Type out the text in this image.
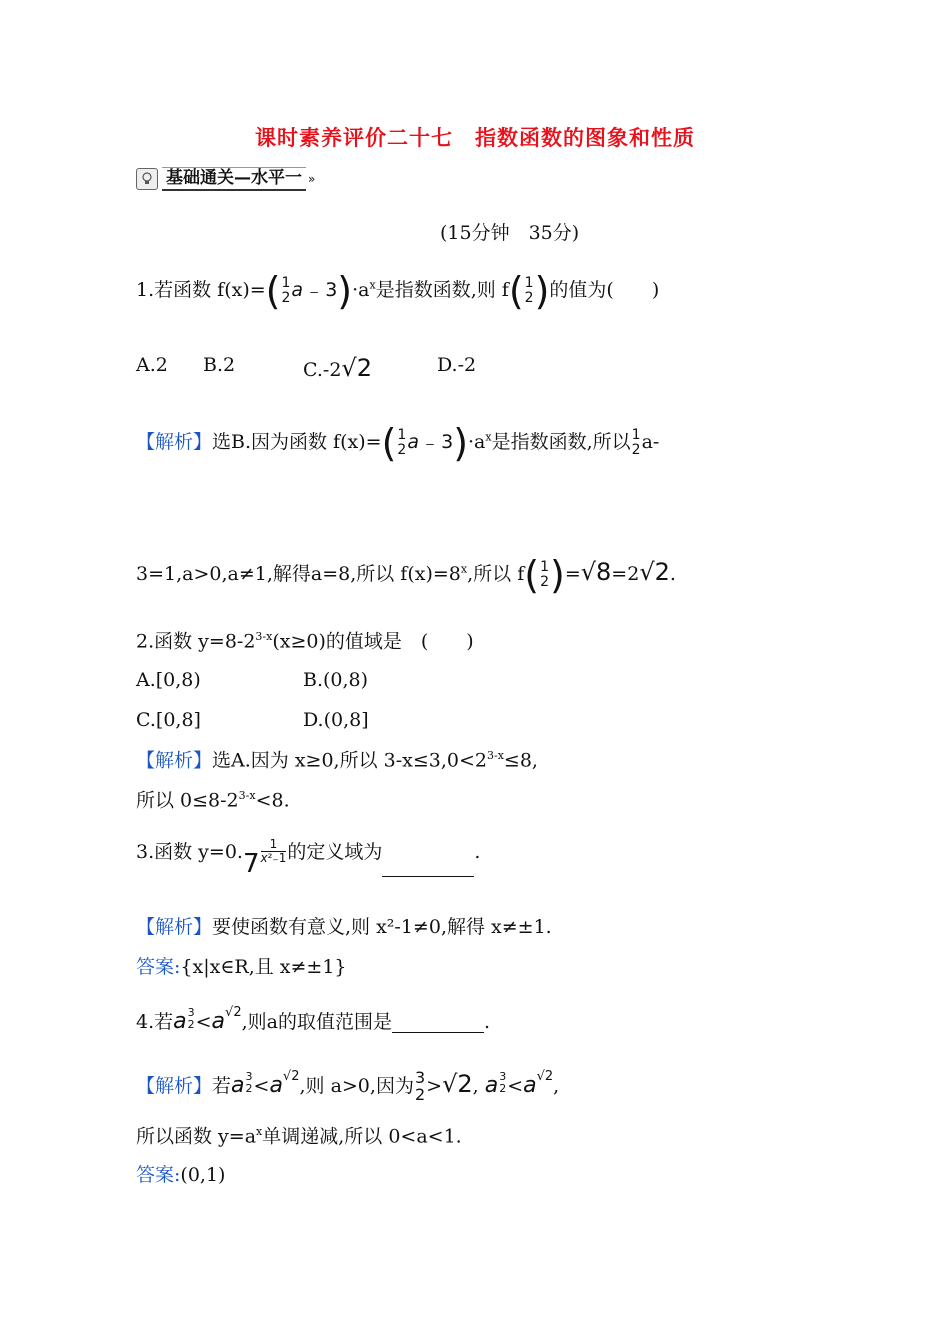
课时素养评价二十七　指数函数的图象和性质
基础通关—水平一 »
(15分钟　35分)
1.若函数 f(x)=( 1
2 a ₋ $3)\cdot a^x$是指数函数,则 f( 1
2 )的值为(　　)
A.2 B.2	C.-2√2	D.-2
【解析】选B.因为函数 f(x)=( 1
2 a ₋ $3)\cdot a^x$是指数函数,所以 1
2 a-
3=1,a>0,a≠1,解得a=8,所以 $f(x)=8^x$,所以 f( 1
2 )=√8=2√2.
2.函数 $y=8-2^{3-x}(x\ge 0)$的值域是　(　　)
A.[0,8)	B.(0,8)
C.[0,8]	D.(0,8]
【解析】选A.因为 x≥0,所以 $3-x\le 3,0<2^{3-x}\le 8$,
所以 $0\le 8-2^{3-x}<8$.
3.函数 $y=0.7 \frac{1}{\text{x²₋1}}$ 的定义域为	.
【解析】要使函数有意义,则 x²-1≠0,解得 x≠±1.
答案:{x|x∈R,且 x≠±1}
4.若a 3
$2 <a^{√2}$,则a的取值范围是	.
【解析】若a 3
$2 <a^{√2}$,则 a>0,因为 3
2 >√2, a 3
$2 <a^{√2}$,
所以函数 $y=a^x$单调递减,所以 0<a<1.
答案:(0,1)
